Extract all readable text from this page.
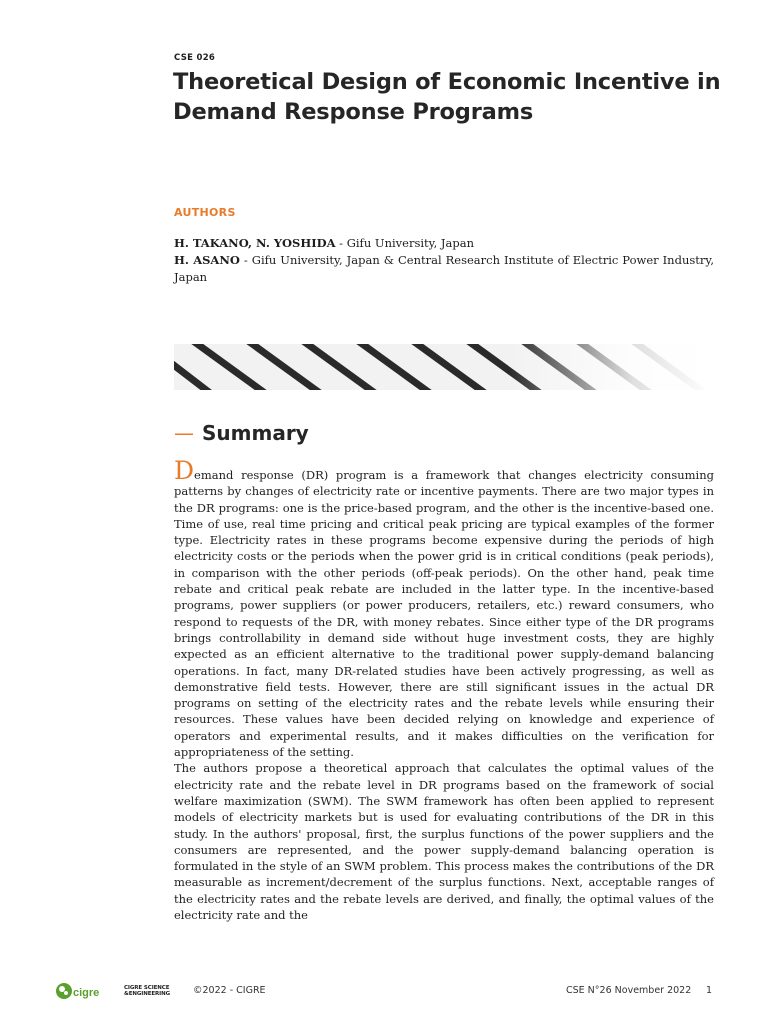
CSE 026
Theoretical Design of Economic Incentive in Demand Response Programs
AUTHORS
H. TAKANO, N. YOSHIDA - Gifu University, Japan
H. ASANO - Gifu University, Japan & Central Research Institute of Electric Power Industry, Japan
— Summary

Demand response (DR) program is a framework that changes electricity consuming patterns by changes of electricity rate or incentive payments. There are two major types in the DR programs: one is the price-based program, and the other is the incentive-based one. Time of use, real time pricing and critical peak pricing are typical examples of the former type. Electricity rates in these programs become expensive during the periods of high electricity costs or the periods when the power grid is in critical conditions (peak periods), in comparison with the other periods (off-peak periods). On the other hand, peak time rebate and critical peak rebate are included in the latter type. In the incentive-based programs, power suppliers (or power producers, retailers, etc.) reward consumers, who respond to requests of the DR, with money rebates. Since either type of the DR programs brings controllability in demand side without huge investment costs, they are highly expected as an efficient alternative to the traditional power supply-demand balancing operations. In fact, many DR-related studies have been actively progressing, as well as demonstrative field tests. However, there are still significant issues in the actual DR programs on setting of the electricity rates and the rebate levels while ensuring their resources. These values have been decided relying on knowledge and experience of operators and experimental results, and it makes difficulties on the verification for appropriateness of the setting.

The authors propose a theoretical approach that calculates the optimal values of the electricity rate and the rebate level in DR programs based on the framework of social welfare maximization (SWM). The SWM framework has often been applied to represent models of electricity markets but is used for evaluating contributions of the DR in this study. In the authors' proposal, first, the surplus functions of the power suppliers and the consumers are represented, and the power supply-demand balancing operation is formulated in the style of an SWM problem. This process makes the contributions of the DR measurable as increment/decrement of the surplus functions. Next, acceptable ranges of the electricity rates and the rebate levels are derived, and finally, the optimal values of the electricity rate and the

cigre	CIGRE SCIENCE
&ENGINEERING ©2022 - CIGRE	CSE N°26 November 2022 1
